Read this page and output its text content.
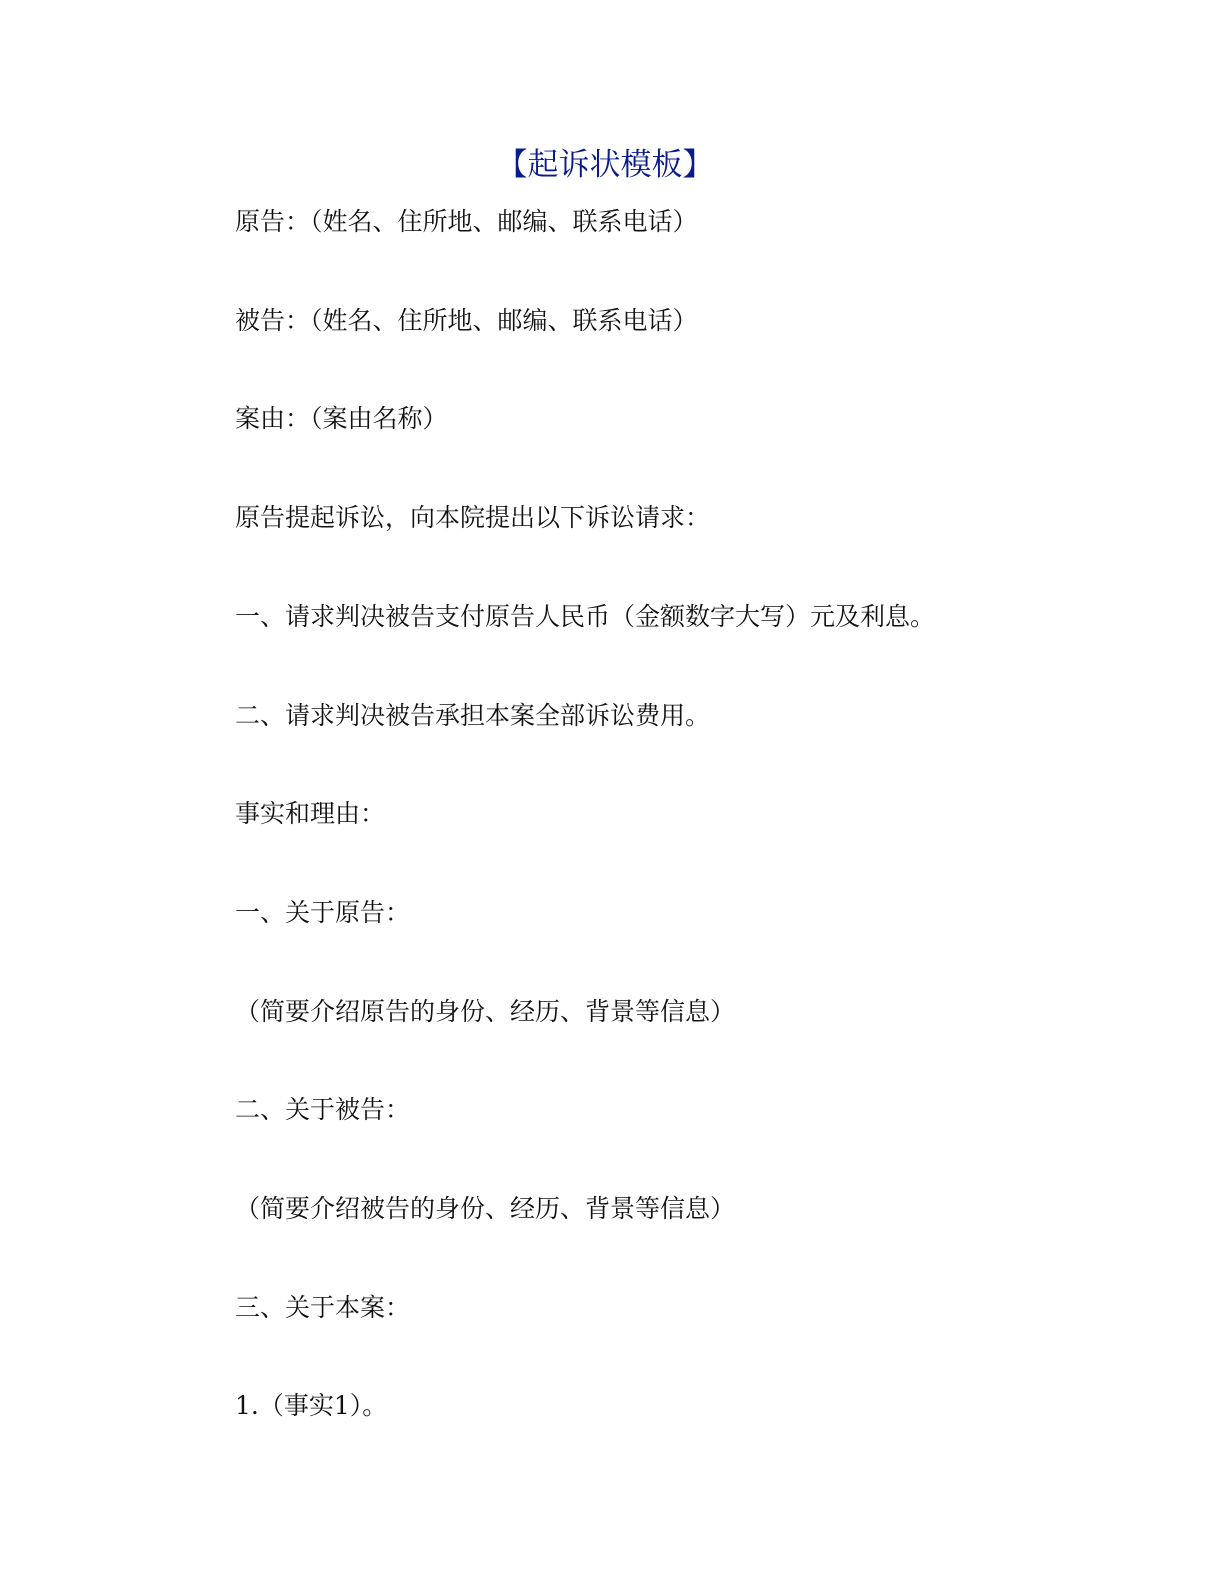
【起诉状模板】
原告：（姓名、住所地、邮编、联系电话）
被告：（姓名、住所地、邮编、联系电话）
案由：（案由名称）
原告提起诉讼，向本院提出以下诉讼请求：
一、请求判决被告支付原告人民币（金额数字大写）元及利息。
二、请求判决被告承担本案全部诉讼费用。
事实和理由：
一、关于原告：
（简要介绍原告的身份、经历、背景等信息）
二、关于被告：
（简要介绍被告的身份、经历、背景等信息）
三、关于本案：
1.（事实1）。
